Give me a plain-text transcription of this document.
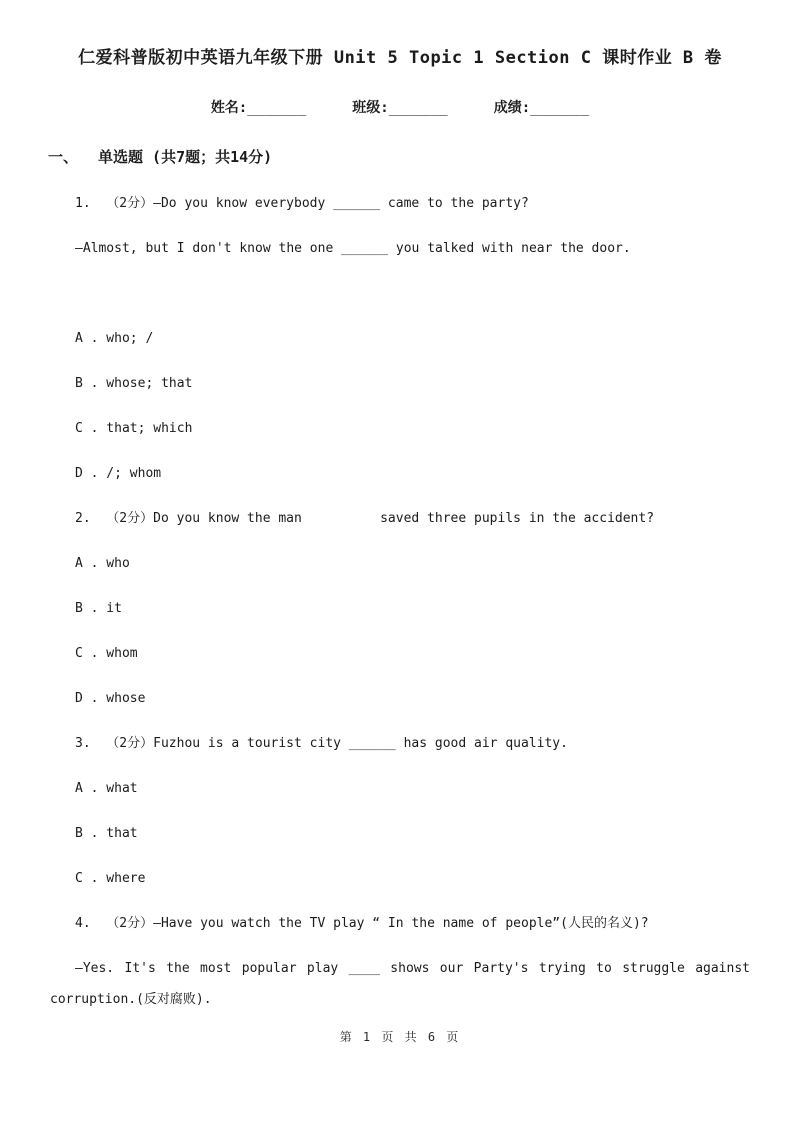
仁爱科普版初中英语九年级下册 Unit 5 Topic 1 Section C 课时作业 B 卷
姓名:_______	班级:_______	成绩:_______
一、 单选题 (共7题；共14分)

1.  （2分）—Do you know everybody ______ came to the party?

—Almost, but I don't know the one ______ you talked with near the door.

A . who; /

B . whose; that

C . that; which

D . /; whom

2.  （2分）Do you know the man          saved three pupils in the accident?

A . who

B . it

C . whom

D . whose

3.  （2分）Fuzhou is a tourist city ______ has good air quality.

A . what

B . that

C . where

4.  （2分）—Have you watch the TV play “ In the name of people”(人民的名义)?

—Yes. It's the most popular play ____ shows our Party's trying to struggle against corruption.(反对腐败).

第 1 页 共 6 页
